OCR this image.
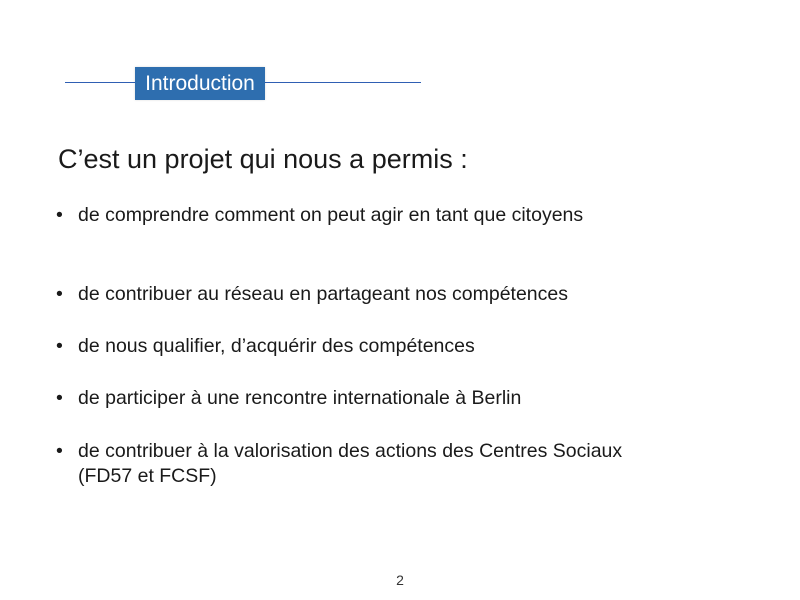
Introduction
C’est un projet qui nous a permis :
• de comprendre comment on peut agir en tant que citoyens
• de contribuer au réseau en partageant nos compétences
• de nous qualifier, d’acquérir des compétences
• de participer à une rencontre internationale à Berlin
• de contribuer à la valorisation des actions des Centres Sociaux (FD57 et FCSF)
2
